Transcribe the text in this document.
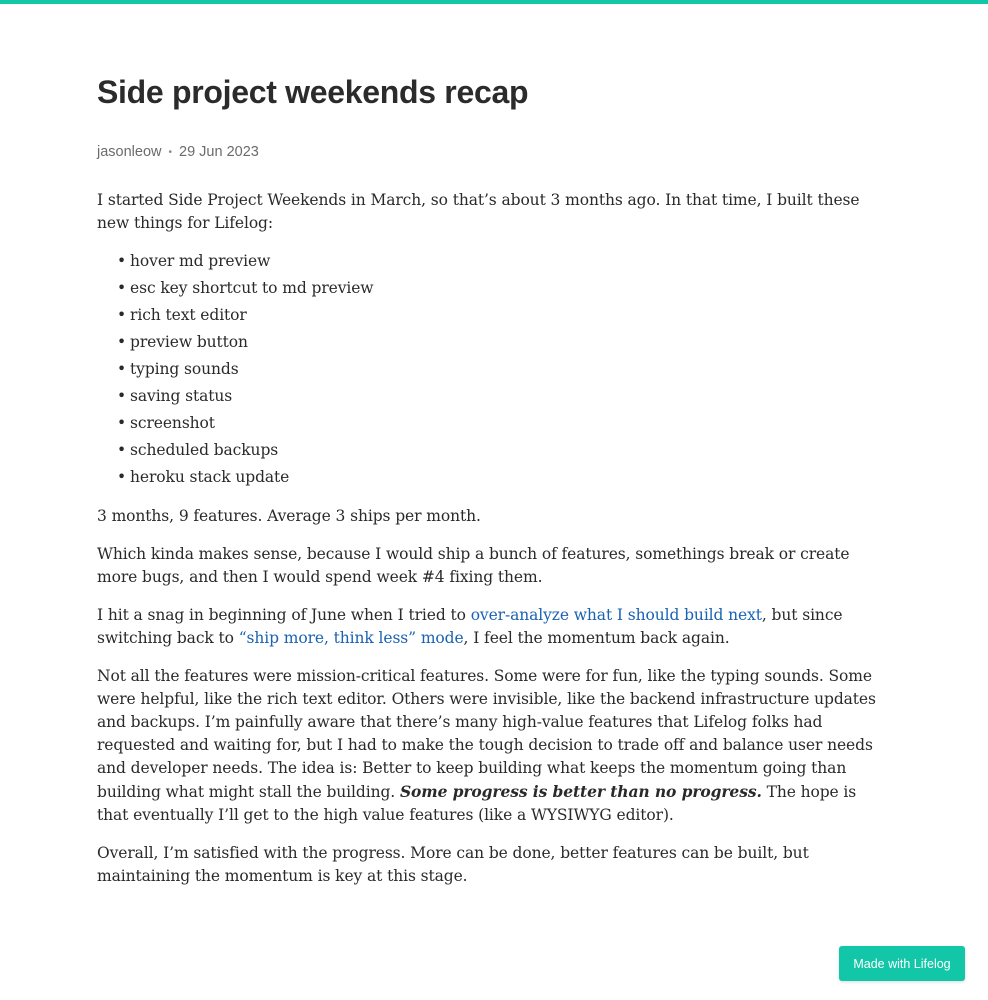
Side project weekends recap
jasonleow • 29 Jun 2023

I started Side Project Weekends in March, so that’s about 3 months ago. In that time, I built these new things for Lifelog:

• hover md preview
• esc key shortcut to md preview
• rich text editor
• preview button
• typing sounds
• saving status
• screenshot
• scheduled backups
• heroku stack update

3 months, 9 features. Average 3 ships per month.

Which kinda makes sense, because I would ship a bunch of features, somethings break or create more bugs, and then I would spend week #4 fixing them.

I hit a snag in beginning of June when I tried to over-analyze what I should build next, but since switching back to “ship more, think less” mode, I feel the momentum back again.

Not all the features were mission-critical features. Some were for fun, like the typing sounds. Some were helpful, like the rich text editor. Others were invisible, like the backend infrastructure updates and backups. I’m painfully aware that there’s many high-value features that Lifelog folks had requested and waiting for, but I had to make the tough decision to trade off and balance user needs and developer needs. The idea is: Better to keep building what keeps the momentum going than building what might stall the building. Some progress is better than no progress. The hope is that eventually I’ll get to the high value features (like a WYSIWYG editor).

Overall, I’m satisfied with the progress. More can be done, better features can be built, but maintaining the momentum is key at this stage.

Made with Lifelog
